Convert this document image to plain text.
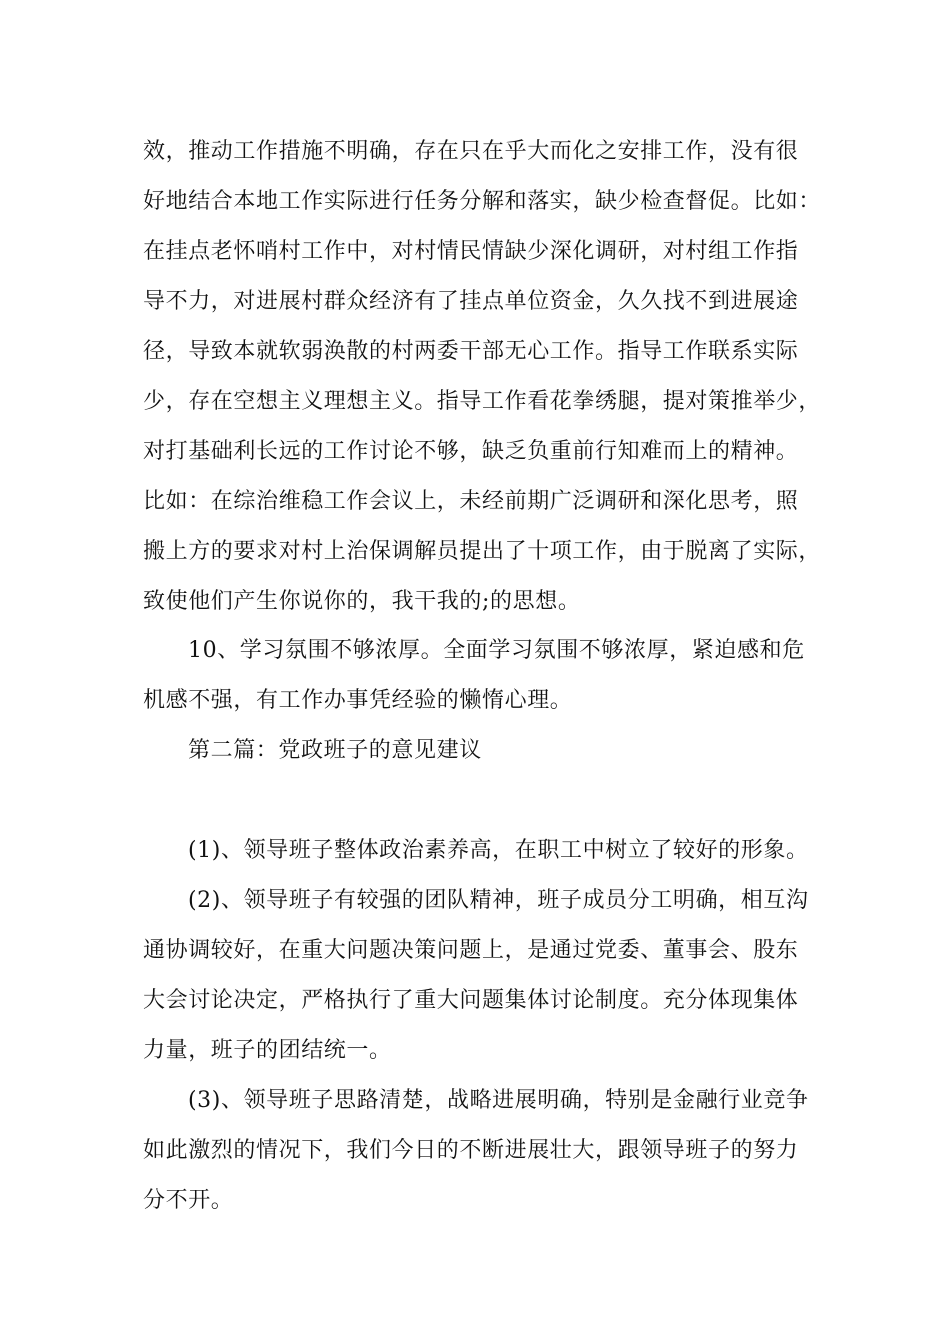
效，推动工作措施不明确，存在只在乎大而化之安排工作，没有很

好地结合本地工作实际进行任务分解和落实，缺少检查督促。比如：

在挂点老怀哨村工作中，对村情民情缺少深化调研，对村组工作指

导不力，对进展村群众经济有了挂点单位资金，久久找不到进展途

径，导致本就软弱涣散的村两委干部无心工作。指导工作联系实际

少，存在空想主义理想主义。指导工作看花拳绣腿，提对策推举少，

对打基础利长远的工作讨论不够，缺乏负重前行知难而上的精神。

比如：在综治维稳工作会议上，未经前期广泛调研和深化思考，照

搬上方的要求对村上治保调解员提出了十项工作，由于脱离了实际，

致使他们产生你说你的，我干我的;的思想。

10、学习氛围不够浓厚。全面学习氛围不够浓厚，紧迫感和危

机感不强，有工作办事凭经验的懒惰心理。

第二篇：党政班子的意见建议

(1)、领导班子整体政治素养高，在职工中树立了较好的形象。

(2)、领导班子有较强的团队精神，班子成员分工明确，相互沟

通协调较好，在重大问题决策问题上，是通过党委、董事会、股东

大会讨论决定，严格执行了重大问题集体讨论制度。充分体现集体

力量，班子的团结统一。

(3)、领导班子思路清楚，战略进展明确，特别是金融行业竞争

如此激烈的情况下，我们今日的不断进展壮大，跟领导班子的努力

分不开。
